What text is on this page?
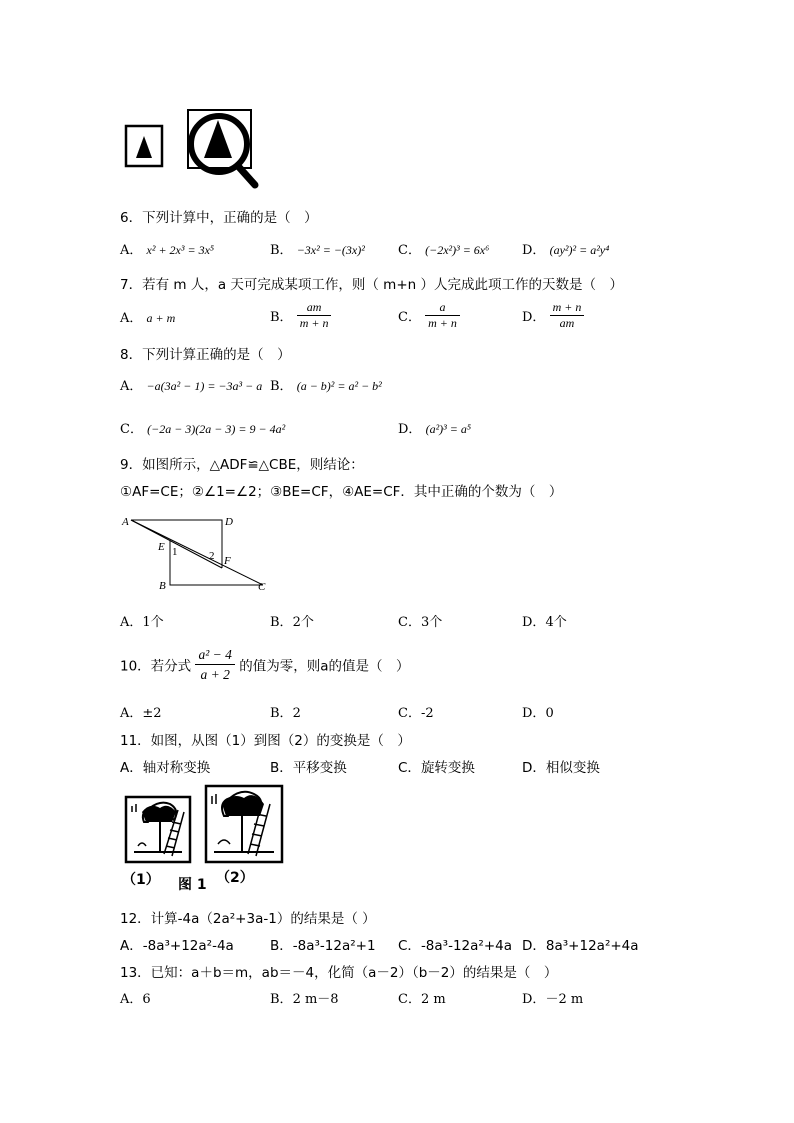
6．下列计算中，正确的是（　）
A． x² + 2x³ = 3x⁵	B． −3x² = −(3x)²	C． (−2x²)³ = 6x⁶	D． (ay²)² = a²y⁴
7．若有 m 人，a 天可完成某项工作，则（ m+n ）人完成此项工作的天数是（　）
A． a + m	B． $\frac{am}{m + n}$	C． $\frac{a}{m + n}$	D． $\frac{m + n}{am}$
8．下列计算正确的是（　）
A． −a(3a² − 1) = −3a³ − a B． (a − b)² = a² − b²
C． (−2a − 3)(2a − 3) = 9 − 4a²	D． (a²)³ = a⁵
9．如图所示，△ADF≌△CBE，则结论：
①AF=CE；②∠1=∠2；③BE=CF，④AE=CF．其中正确的个数为（　）
A	D
E 1	2 F
B	C
A．1个	B．2个	C．3个	D．4个
10．若分式 $\frac{\text{a² − 4}}{a + 2}$ 的值为零，则a的值是（　）
A．±2	B．2	C．-2	D．0
11．如图，从图（1）到图（2）的变换是（　）
A．轴对称变换	B．平移变换	C．旋转变换	D．相似变换
（1） 图 1 （2）
12．计算-4a（2a²+3a-1）的结果是（ ）
A．-8a³+12a²-4a	B．-8a³-12a²+1 C．-8a³-12a²+4a D．8a³+12a²+4a
13．已知：a＋b＝m，ab＝－4，化简（a－2）（b－2）的结果是（　）
A．6	B．2 m－8	C．2 m	D．－2 m
